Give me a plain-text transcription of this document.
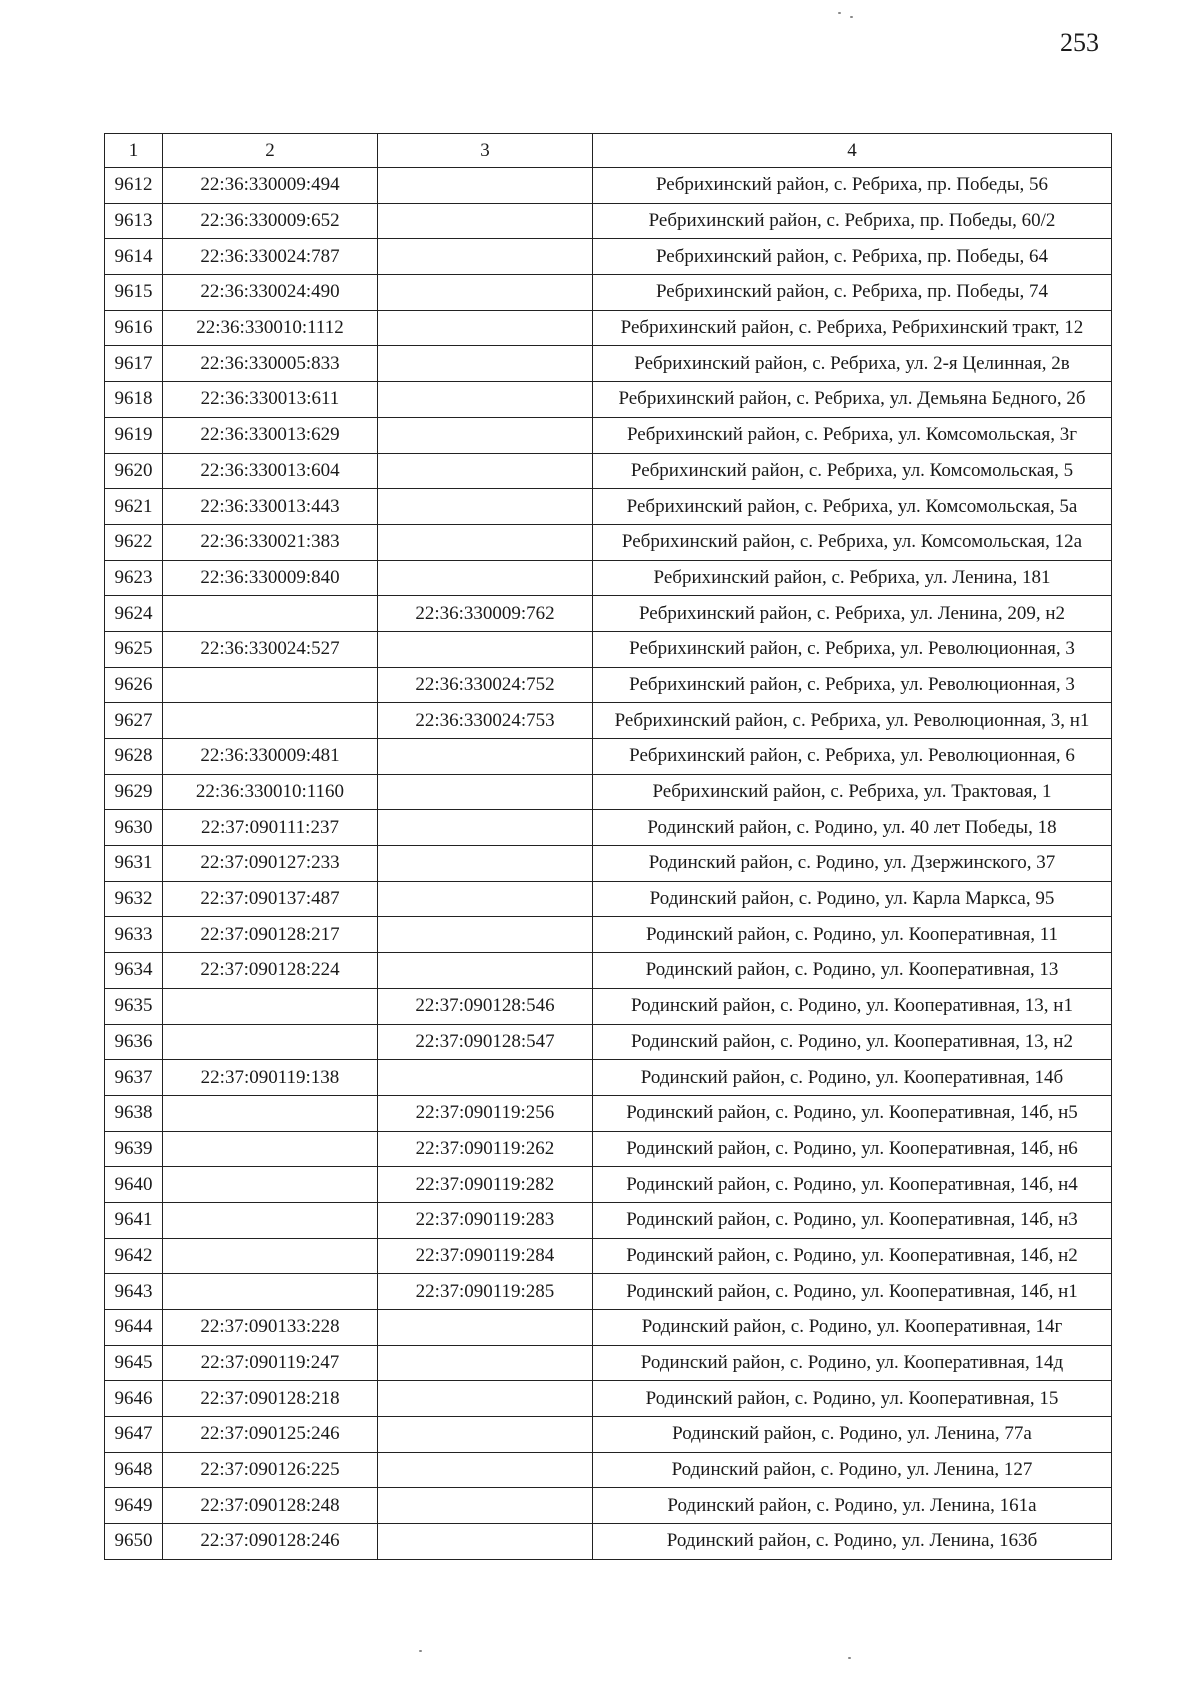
253
1	2	3	4
9612	22:36:330009:494		Ребрихинский район, с. Ребриха, пр. Победы, 56
9613	22:36:330009:652		Ребрихинский район, с. Ребриха, пр. Победы, 60/2
9614	22:36:330024:787		Ребрихинский район, с. Ребриха, пр. Победы, 64
9615	22:36:330024:490		Ребрихинский район, с. Ребриха, пр. Победы, 74
9616	22:36:330010:1112		Ребрихинский район, с. Ребриха, Ребрихинский тракт, 12
9617	22:36:330005:833		Ребрихинский район, с. Ребриха, ул. 2-я Целинная, 2в
9618	22:36:330013:611		Ребрихинский район, с. Ребриха, ул. Демьяна Бедного, 2б
9619	22:36:330013:629		Ребрихинский район, с. Ребриха, ул. Комсомольская, 3г
9620	22:36:330013:604		Ребрихинский район, с. Ребриха, ул. Комсомольская, 5
9621	22:36:330013:443		Ребрихинский район, с. Ребриха, ул. Комсомольская, 5а
9622	22:36:330021:383		Ребрихинский район, с. Ребриха, ул. Комсомольская, 12а
9623	22:36:330009:840		Ребрихинский район, с. Ребриха, ул. Ленина, 181
9624		22:36:330009:762	Ребрихинский район, с. Ребриха, ул. Ленина, 209, н2
9625	22:36:330024:527		Ребрихинский район, с. Ребриха, ул. Революционная, 3
9626		22:36:330024:752	Ребрихинский район, с. Ребриха, ул. Революционная, 3
9627		22:36:330024:753	Ребрихинский район, с. Ребриха, ул. Революционная, 3, н1
9628	22:36:330009:481		Ребрихинский район, с. Ребриха, ул. Революционная, 6
9629	22:36:330010:1160		Ребрихинский район, с. Ребриха, ул. Трактовая, 1
9630	22:37:090111:237		Родинский район, с. Родино, ул. 40 лет Победы, 18
9631	22:37:090127:233		Родинский район, с. Родино, ул. Дзержинского, 37
9632	22:37:090137:487		Родинский район, с. Родино, ул. Карла Маркса, 95
9633	22:37:090128:217		Родинский район, с. Родино, ул. Кооперативная, 11
9634	22:37:090128:224		Родинский район, с. Родино, ул. Кооперативная, 13
9635		22:37:090128:546	Родинский район, с. Родино, ул. Кооперативная, 13, н1
9636		22:37:090128:547	Родинский район, с. Родино, ул. Кооперативная, 13, н2
9637	22:37:090119:138		Родинский район, с. Родино, ул. Кооперативная, 14б
9638		22:37:090119:256	Родинский район, с. Родино, ул. Кооперативная, 14б, н5
9639		22:37:090119:262	Родинский район, с. Родино, ул. Кооперативная, 14б, н6
9640		22:37:090119:282	Родинский район, с. Родино, ул. Кооперативная, 14б, н4
9641		22:37:090119:283	Родинский район, с. Родино, ул. Кооперативная, 14б, н3
9642		22:37:090119:284	Родинский район, с. Родино, ул. Кооперативная, 14б, н2
9643		22:37:090119:285	Родинский район, с. Родино, ул. Кооперативная, 14б, н1
9644	22:37:090133:228		Родинский район, с. Родино, ул. Кооперативная, 14г
9645	22:37:090119:247		Родинский район, с. Родино, ул. Кооперативная, 14д
9646	22:37:090128:218		Родинский район, с. Родино, ул. Кооперативная, 15
9647	22:37:090125:246		Родинский район, с. Родино, ул. Ленина, 77а
9648	22:37:090126:225		Родинский район, с. Родино, ул. Ленина, 127
9649	22:37:090128:248		Родинский район, с. Родино, ул. Ленина, 161а
9650	22:37:090128:246		Родинский район, с. Родино, ул. Ленина, 163б
